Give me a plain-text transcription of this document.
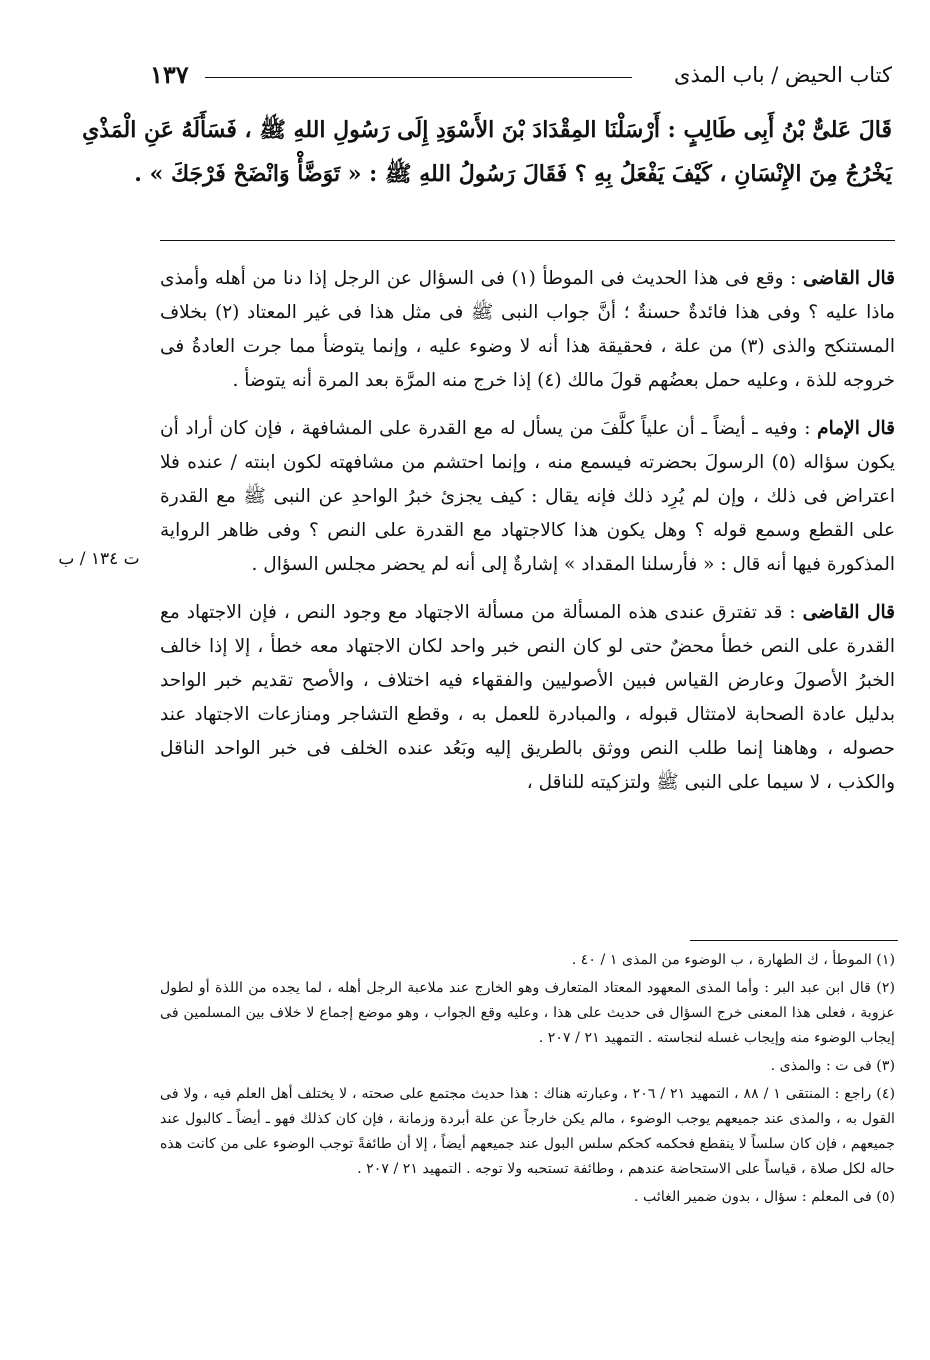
١٣٧	كتاب الحيض / باب المذى
قَالَ عَلىٌّ بْنُ أَبِى طَالِبٍ : أَرْسَلْنَا المِقْدَادَ بْنَ الأَسْوَدِ إِلَى رَسُولِ اللهِ ﷺ ، فَسَأَلَهُ عَنِ الْمَذْىِ
يَخْرُجُ مِنَ الإِنْسَانِ ، كَيْفَ يَفْعَلُ بِهِ ؟ فَقَالَ رَسُولُ اللهِ ﷺ : « تَوَضَّأْ وَانْضَحْ فَرْجَكَ » .

قال القاضى : وقع فى هذا الحديث فى الموطأ (١) فى السؤال عن الرجل إذا دنا من أهله وأمذى ماذا عليه ؟ وفى هذا فائدةٌ حسنةٌ ؛ أنَّ جواب النبى ﷺ فى مثل هذا فى غير المعتاد (٢) بخلاف المستنكح والذى (٣) من علة ، فحقيقة هذا أنه لا وضوء عليه ، وإنما يتوضأ مما جرت العادةُ فى خروجه للذة ، وعليه حمل بعضُهم قولَ مالك (٤) إذا خرج منه المرَّة بعد المرة أنه يتوضأ .

قال الإمام : وفيه ـ أيضاً ـ أن علياً كلَّفَ من يسأل له مع القدرة على المشافهة ، فإن كان أراد أن يكون سؤاله (٥) الرسولَ بحضرته فيسمع منه ، وإنما احتشم من مشافهته لكون ابنته / عنده فلا اعتراض فى ذلك ، وإن لم يُرِد ذلك فإنه يقال : كيف يجزئ خبرُ الواحدِ عن النبى ﷺ مع القدرة على القطع وسمع قوله ؟ وهل يكون هذا كالاجتهاد مع القدرة على النص ؟ وفى ظاهر الرواية المذكورة فيها أنه قال : « فأرسلنا المقداد » إشارةٌ إلى أنه لم يحضر مجلس السؤال .

قال القاضى : قد تفترق عندى هذه المسألة من مسألة الاجتهاد مع وجود النص ، فإن الاجتهاد مع القدرة على النص خطأ محضٌ حتى لو كان النص خبر واحد لكان الاجتهاد معه خطأ ، إلا إذا خالف الخبرُ الأصولَ وعارض القياس فبين الأصوليين والفقهاء فيه اختلاف ، والأصح تقديم خبر الواحد بدليل عادة الصحابة لامتثال قبوله ، والمبادرة للعمل به ، وقطع التشاجر ومنازعات الاجتهاد عند حصوله ، وهاهنا إنما طلب النص ووثق بالطريق إليه وبَعُد عنده الخلف فى خبر الواحد الناقل والكذب ، لا سيما على النبى ﷺ ولتزكيته للناقل ،

ت ١٣٤ / ب

(١) الموطأ ، ك الطهارة ، ب الوضوء من المذى ١ / ٤٠ .

(٢) قال ابن عبد البر : وأما المذى المعهود المعتاد المتعارف وهو الخارج عند ملاعبة الرجل أهله ، لما يجده من اللذة أو لطول عزوبة ، فعلى هذا المعنى خرج السؤال فى حديث على هذا ، وعليه وقع الجواب ، وهو موضع إجماع لا خلاف بين المسلمين فى إيجاب الوضوء منه وإيجاب غسله لنجاسته . التمهيد ٢١ / ٢٠٧ .

(٣) فى ت : والمذى .

(٤) راجع : المنتقى ١ / ٨٨ ، التمهيد ٢١ / ٢٠٦ ، وعبارته هناك : هذا حديث مجتمع على صحته ، لا يختلف أهل العلم فيه ، ولا فى القول به ، والمذى عند جميعهم يوجب الوضوء ، مالم يكن خارجاً عن علة أبردة وزمانة ، فإن كان كذلك فهو ـ أيضاً ـ كالبول عند جميعهم ، فإن كان سلساً لا ينقطع فحكمه كحكم سلس البول عند جميعهم أيضاً ، إلا أن طائفةً توجب الوضوء على من كانت هذه حاله لكل صلاة ، قياساً على الاستحاضة عندهم ، وطائفة تستحبه ولا توجه . التمهيد ٢١ / ٢٠٧ .

(٥) فى المعلم : سؤال ، بدون ضمير الغائب .
